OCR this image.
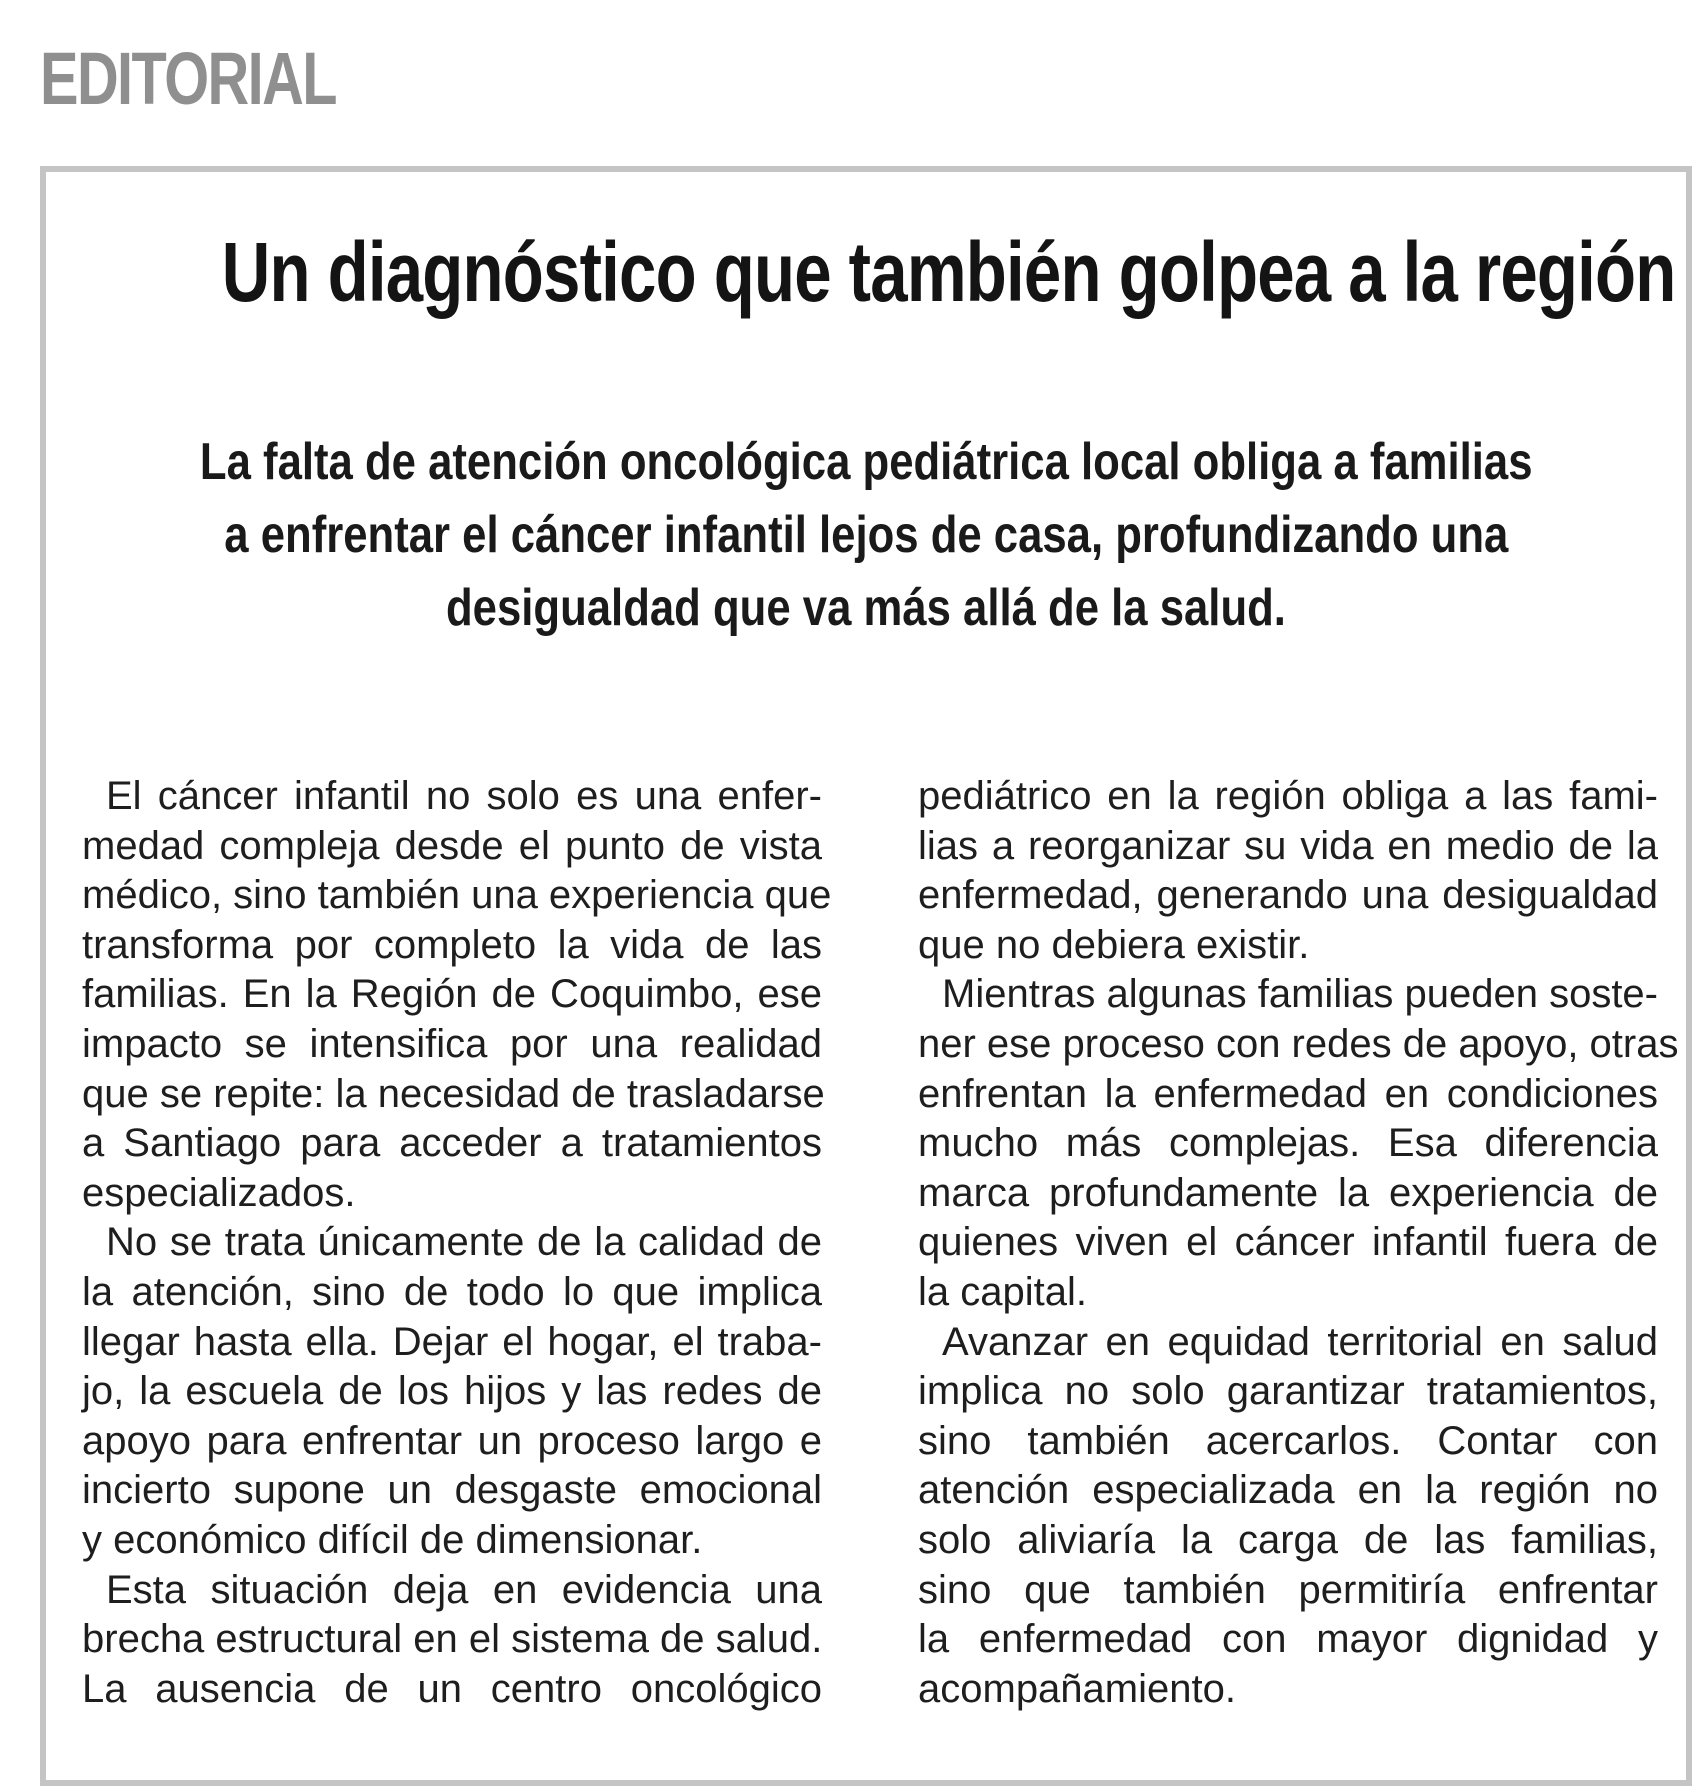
EDITORIAL
Un diagnóstico que también golpea a la región
La falta de atención oncológica pediátrica local obliga a familias
a enfrentar el cáncer infantil lejos de casa, profundizando una
desigualdad que va más allá de la salud.
El cáncer infantil no solo es una enfer-
medad compleja desde el punto de vista
médico, sino también una experiencia que
transforma por completo la vida de las
familias. En la Región de Coquimbo, ese
impacto se intensifica por una realidad
que se repite: la necesidad de trasladarse
a Santiago para acceder a tratamientos
especializados.
No se trata únicamente de la calidad de
la atención, sino de todo lo que implica
llegar hasta ella. Dejar el hogar, el traba-
jo, la escuela de los hijos y las redes de
apoyo para enfrentar un proceso largo e
incierto supone un desgaste emocional
y económico difícil de dimensionar.
Esta situación deja en evidencia una
brecha estructural en el sistema de salud.
La ausencia de un centro oncológico
pediátrico en la región obliga a las fami-
lias a reorganizar su vida en medio de la
enfermedad, generando una desigualdad
que no debiera existir.
Mientras algunas familias pueden soste-
ner ese proceso con redes de apoyo, otras
enfrentan la enfermedad en condiciones
mucho más complejas. Esa diferencia
marca profundamente la experiencia de
quienes viven el cáncer infantil fuera de
la capital.
Avanzar en equidad territorial en salud
implica no solo garantizar tratamientos,
sino también acercarlos. Contar con
atención especializada en la región no
solo aliviaría la carga de las familias,
sino que también permitiría enfrentar
la enfermedad con mayor dignidad y
acompañamiento.
